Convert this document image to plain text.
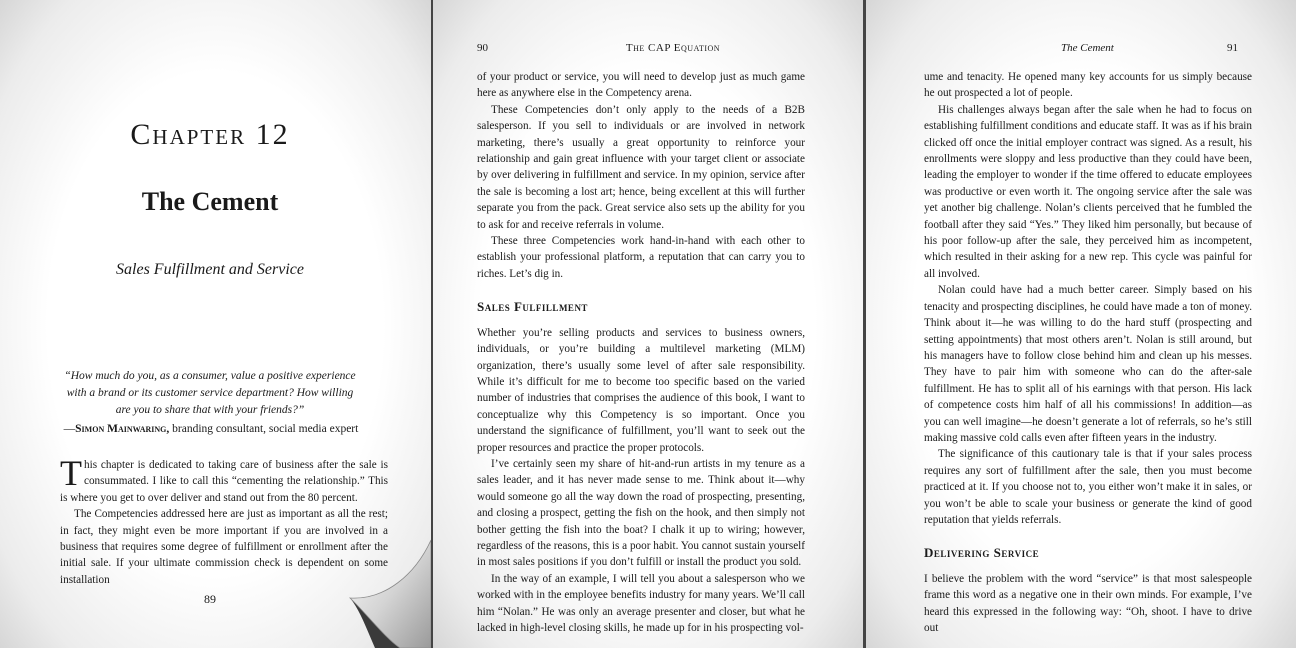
Chapter 12
The Cement
Sales Fulfillment and Service
“How much do you, as a consumer, value a positive experience with a brand or its customer service department? How willing are you to share that with your friends?”
—Simon Mainwaring, branding consultant, social media expert

This chapter is dedicated to taking care of business after the sale is consummated. I like to call this “cementing the relationship.” This is where you get to over deliver and stand out from the 80 percent.

The Competencies addressed here are just as important as all the rest; in fact, they might even be more important if you are involved in a business that requires some degree of fulfillment or enrollment after the initial sale. If your ultimate commission check is dependent on some installation

89
90	The CAP Equation

of your product or service, you will need to develop just as much game here as anywhere else in the Competency arena.

These Competencies don’t only apply to the needs of a B2B salesperson. If you sell to individuals or are involved in network marketing, there’s usually a great opportunity to reinforce your relationship and gain great influence with your target client or associate by over delivering in fulfillment and service. In my opinion, service after the sale is becoming a lost art; hence, being excellent at this will further separate you from the pack. Great service also sets up the ability for you to ask for and receive referrals in volume.

These three Competencies work hand-in-hand with each other to establish your professional platform, a reputation that can carry you to riches. Let’s dig in.

Sales Fulfillment

Whether you’re selling products and services to business owners, individuals, or you’re building a multilevel marketing (MLM) organization, there’s usually some level of after sale responsibility. While it’s difficult for me to become too specific based on the varied number of industries that comprises the audience of this book, I want to conceptualize why this Competency is so important. Once you understand the significance of fulfillment, you’ll want to seek out the proper resources and practice the proper protocols.

I’ve certainly seen my share of hit-and-run artists in my tenure as a sales leader, and it has never made sense to me. Think about it—why would someone go all the way down the road of prospecting, presenting, and closing a prospect, getting the fish on the hook, and then simply not bother getting the fish into the boat? I chalk it up to wiring; however, regardless of the reasons, this is a poor habit. You cannot sustain yourself in most sales positions if you don’t fulfill or install the product you sold.

In the way of an example, I will tell you about a salesperson who we worked with in the employee benefits industry for many years. We’ll call him “Nolan.” He was only an average presenter and closer, but what he lacked in high-level closing skills, he made up for in his prospecting vol-

The Cement	91

ume and tenacity. He opened many key accounts for us simply because he out prospected a lot of people.

His challenges always began after the sale when he had to focus on establishing fulfillment conditions and educate staff. It was as if his brain clicked off once the initial employer contract was signed. As a result, his enrollments were sloppy and less productive than they could have been, leading the employer to wonder if the time offered to educate employees was productive or even worth it. The ongoing service after the sale was yet another big challenge. Nolan’s clients perceived that he fumbled the football after they said “Yes.” They liked him personally, but because of his poor follow-up after the sale, they perceived him as incompetent, which resulted in their asking for a new rep. This cycle was painful for all involved.

Nolan could have had a much better career. Simply based on his tenacity and prospecting disciplines, he could have made a ton of money. Think about it—he was willing to do the hard stuff (prospecting and setting appointments) that most others aren’t. Nolan is still around, but his managers have to follow close behind him and clean up his messes. They have to pair him with someone who can do the after-sale fulfillment. He has to split all of his earnings with that person. His lack of competence costs him half of all his commissions! In addition—as you can well imagine—he doesn’t generate a lot of referrals, so he’s still making massive cold calls even after fifteen years in the industry.

The significance of this cautionary tale is that if your sales process requires any sort of fulfillment after the sale, then you must become practiced at it. If you choose not to, you either won’t make it in sales, or you won’t be able to scale your business or generate the kind of good reputation that yields referrals.

Delivering Service

I believe the problem with the word “service” is that most salespeople frame this word as a negative one in their own minds. For example, I’ve heard this expressed in the following way: “Oh, shoot. I have to drive out
